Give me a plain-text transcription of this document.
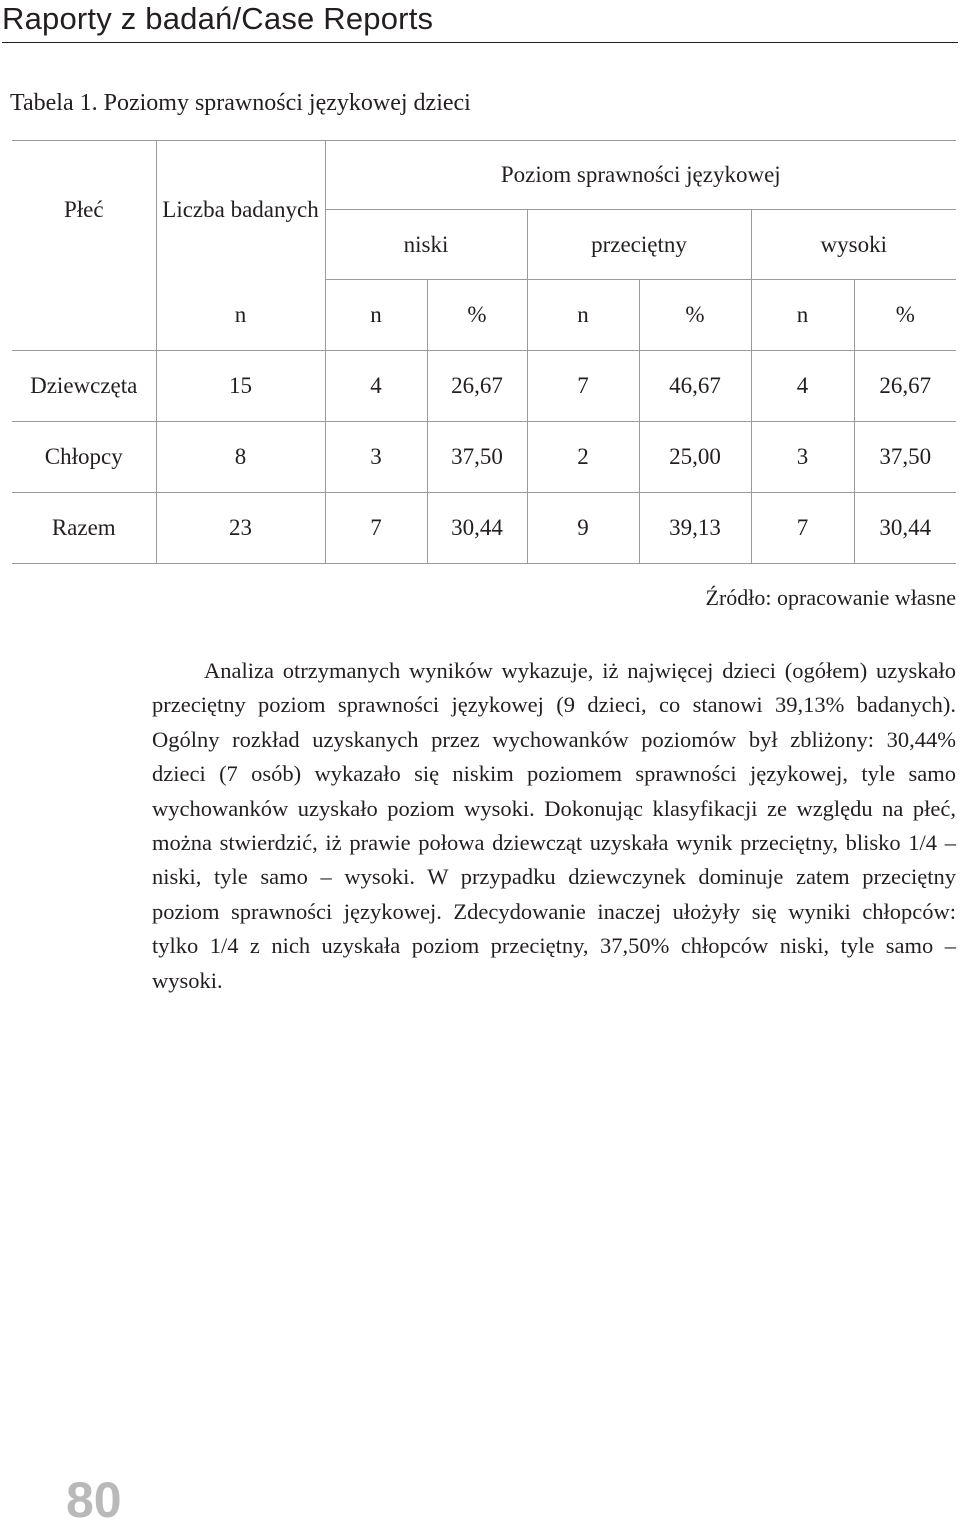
Raporty z badań/Case Reports
Tabela 1. Poziomy sprawności językowej dzieci
Płeć	Liczba badanych	Poziom sprawności językowej					
		niski		przeciętny		wysoki	
	n	n	%	n	%	n	%
Dziewczęta	15	4	26,67	7	46,67	4	26,67
Chłopcy	8	3	37,50	2	25,00	3	37,50
Razem	23	7	30,44	9	39,13	7	30,44
Źródło: opracowanie własne

Analiza otrzymanych wyników wykazuje, iż najwięcej dzieci (ogółem) uzyskało przeciętny poziom sprawności językowej (9 dzieci, co stanowi 39,13% badanych). Ogólny rozkład uzyskanych przez wychowanków poziomów był zbliżony: 30,44% dzieci (7 osób) wykazało się niskim poziomem sprawności językowej, tyle samo wychowanków uzyskało poziom wysoki. Dokonując klasyfikacji ze względu na płeć, można stwierdzić, iż prawie połowa dziewcząt uzyskała wynik przeciętny, blisko 1/4 – niski, tyle samo – wysoki. W przypadku dziewczynek dominuje zatem przeciętny poziom sprawności językowej. Zdecydowanie inaczej ułożyły się wyniki chłopców: tylko 1/4 z nich uzyskała poziom przeciętny, 37,50% chłopców niski, tyle samo – wysoki.

80
